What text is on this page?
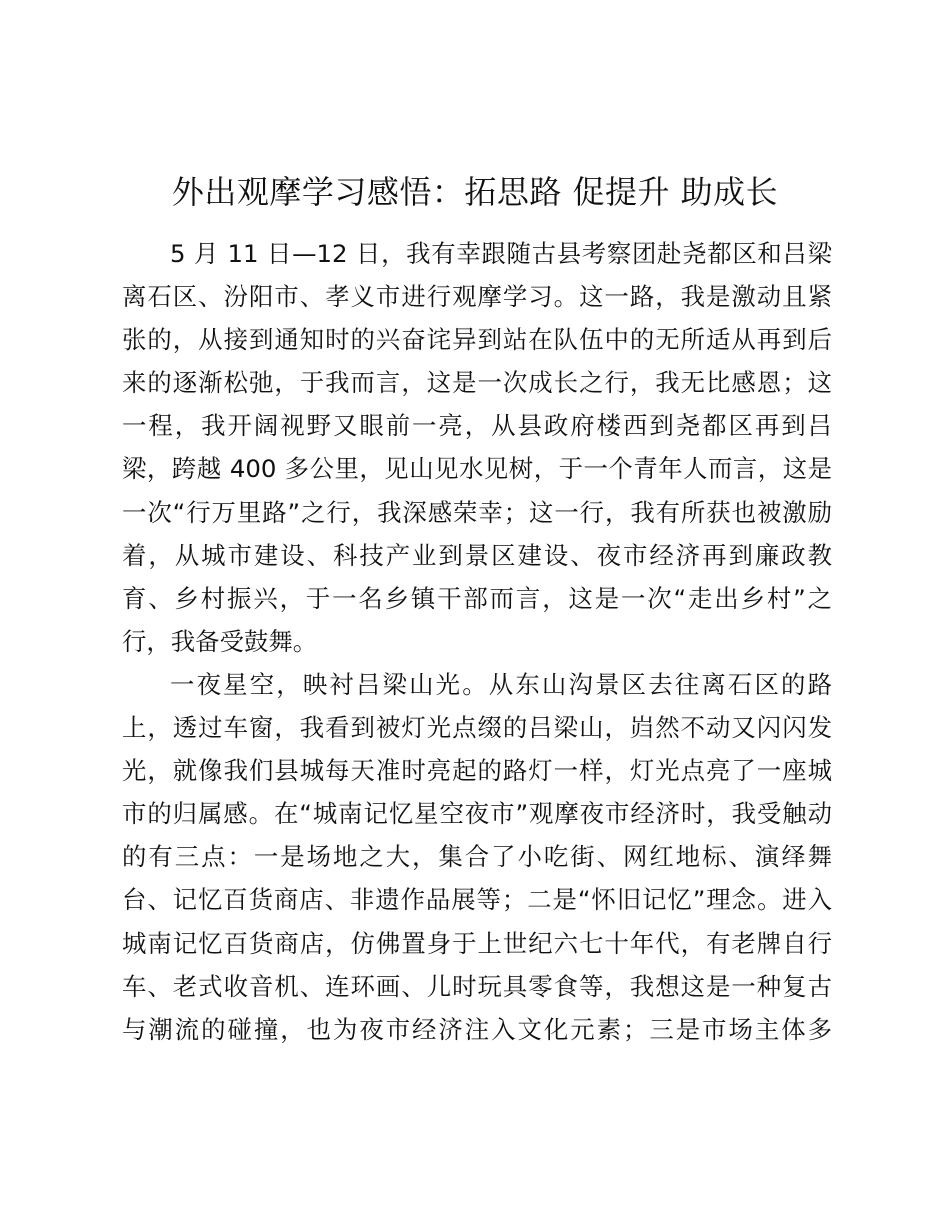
外出观摩学习感悟：拓思路 促提升 助成长

5 月 11 日—12 日，我有幸跟随古县考察团赴尧都区和吕梁
离石区、汾阳市、孝义市进行观摩学习。这一路，我是激动且紧
张的，从接到通知时的兴奋诧异到站在队伍中的无所适从再到后
来的逐渐松弛，于我而言，这是一次成长之行，我无比感恩；这
一程，我开阔视野又眼前一亮，从县政府楼西到尧都区再到吕
梁，跨越 400 多公里，见山见水见树，于一个青年人而言，这是
一次“行万里路”之行，我深感荣幸；这一行，我有所获也被激励
着，从城市建设、科技产业到景区建设、夜市经济再到廉政教
育、乡村振兴，于一名乡镇干部而言，这是一次“走出乡村”之
行，我备受鼓舞。

一夜星空，映衬吕梁山光。从东山沟景区去往离石区的路
上，透过车窗，我看到被灯光点缀的吕梁山，岿然不动又闪闪发
光，就像我们县城每天准时亮起的路灯一样，灯光点亮了一座城
市的归属感。在“城南记忆星空夜市”观摩夜市经济时，我受触动
的有三点：一是场地之大，集合了小吃街、网红地标、演绎舞
台、记忆百货商店、非遗作品展等；二是“怀旧记忆”理念。进入
城南记忆百货商店，仿佛置身于上世纪六七十年代，有老牌自行
车、老式收音机、连环画、儿时玩具零食等，我想这是一种复古
与潮流的碰撞，也为夜市经济注入文化元素；三是市场主体多
